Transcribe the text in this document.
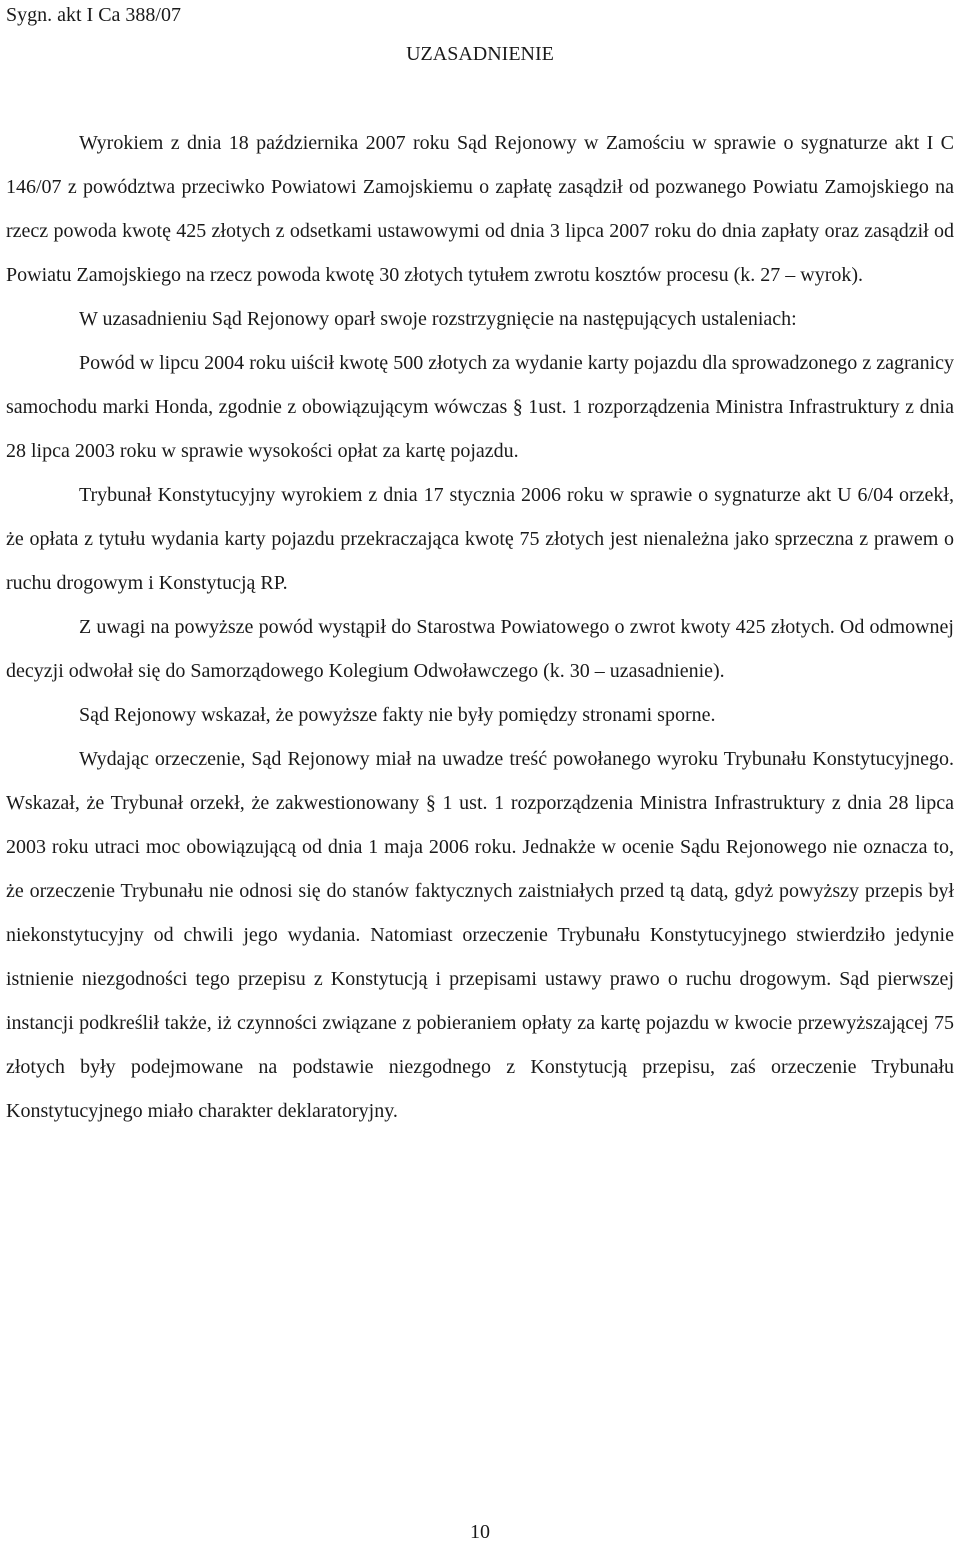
Sygn. akt I Ca 388/07
UZASADNIENIE

Wyrokiem z dnia 18 października 2007 roku Sąd Rejonowy w Zamościu w sprawie o sygnaturze akt I C 146/07 z powództwa przeciwko Powiatowi Zamojskiemu o zapłatę zasądził od pozwanego Powiatu Zamojskiego na rzecz powoda kwotę 425 złotych z odsetkami ustawowymi od dnia 3 lipca 2007 roku do dnia zapłaty oraz zasądził od Powiatu Zamojskiego na rzecz powoda kwotę 30 złotych tytułem zwrotu kosztów procesu (k. 27 – wyrok).

W uzasadnieniu Sąd Rejonowy oparł swoje rozstrzygnięcie na następujących ustaleniach:

Powód w lipcu 2004 roku uiścił kwotę 500 złotych za wydanie karty pojazdu dla sprowadzonego z zagranicy samochodu marki Honda, zgodnie z obowiązującym wówczas § 1ust. 1 rozporządzenia Ministra Infrastruktury z dnia 28 lipca 2003 roku w sprawie wysokości opłat za kartę pojazdu.

Trybunał Konstytucyjny wyrokiem z dnia 17 stycznia 2006 roku w sprawie o sygnaturze akt U 6/04 orzekł, że opłata z tytułu wydania karty pojazdu przekraczająca kwotę 75 złotych jest nienależna jako sprzeczna z prawem o ruchu drogowym i Konstytucją RP.

Z uwagi na powyższe powód wystąpił do Starostwa Powiatowego o zwrot kwoty 425 złotych. Od odmownej decyzji odwołał się do Samorządowego Kolegium Odwoławczego (k. 30 – uzasadnienie).

Sąd Rejonowy wskazał, że powyższe fakty nie były pomiędzy stronami sporne.

Wydając orzeczenie, Sąd Rejonowy miał na uwadze treść powołanego wyroku Trybunału Konstytucyjnego. Wskazał, że Trybunał orzekł, że zakwestionowany § 1 ust. 1 rozporządzenia Ministra Infrastruktury z dnia 28 lipca 2003 roku utraci moc obowiązującą od dnia 1 maja 2006 roku. Jednakże w ocenie Sądu Rejonowego nie oznacza to, że orzeczenie Trybunału nie odnosi się do stanów faktycznych zaistniałych przed tą datą, gdyż powyższy przepis był niekonstytucyjny od chwili jego wydania. Natomiast orzeczenie Trybunału Konstytucyjnego stwierdziło jedynie istnienie niezgodności tego przepisu z Konstytucją i przepisami ustawy prawo o ruchu drogowym. Sąd pierwszej instancji podkreślił także, iż czynności związane z pobieraniem opłaty za kartę pojazdu w kwocie przewyższającej 75 złotych były podejmowane na podstawie niezgodnego z Konstytucją przepisu, zaś orzeczenie Trybunału Konstytucyjnego miało charakter deklaratoryjny.

10
